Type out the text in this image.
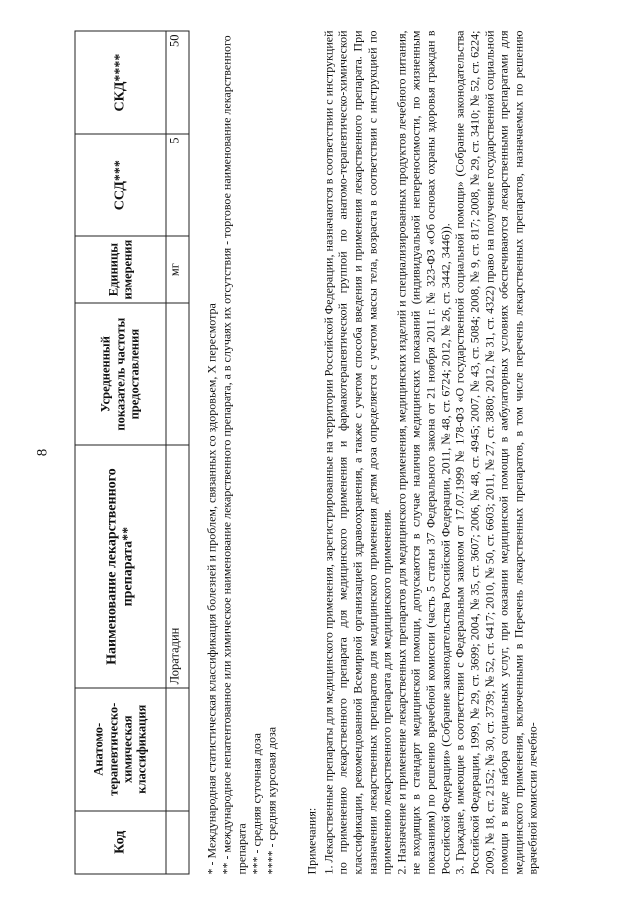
8
Код	Анатомо-терапевтическо-химическая классификация	Наименование лекарственного препарата**	Усредненный показатель частоты предоставления	Единицы измерения	ССД***	СКД****
		Лоратадин		мг	5	50
* - Международная статистическая классификация болезней и проблем, связанных со здоровьем, Х пересмотра ** - международное непатентованное или химическое наименование лекарственного препарата, а в случаях их отсутствия - торговое наименование лекарственного препарата *** - средняя суточная доза **** - средняя курсовая доза Примечания: 1. Лекарственные препараты для медицинского применения, зарегистрированные на территории Российской Федерации, назначаются в соответствии с инструкцией по применению лекарственного препарата для медицинского применения и фармакотерапевтической группой по анатомо-терапевтическо-химической классификации, рекомендованной Всемирной организацией здравоохранения, а также с учетом способа введения и применения лекарственного препарата. При назначении лекарственных препаратов для медицинского применения детям доза определяется с учетом массы тела, возраста в соответствии с инструкцией по применению лекарственного препарата для медицинского применения. 2. Назначение и применение лекарственных препаратов для медицинского применения, медицинских изделий и специализированных продуктов лечебного питания, не входящих в стандарт медицинской помощи, допускаются в случае наличия медицинских показаний (индивидуальной непереносимости, по жизненным показаниям) по решению врачебной комиссии (часть 5 статьи 37 Федерального закона от 21 ноября 2011 г. № 323-ФЗ «Об основах охраны здоровья граждан в Российской Федерации» (Собрание законодательства Российской Федерации, 2011, № 48, ст. 6724; 2012, № 26, ст. 3442, 3446)). 3. Граждане, имеющие в соответствии с Федеральным законом от 17.07.1999 № 178-ФЗ «О государственной социальной помощи» (Собрание законодательства Российской Федерации, 1999, № 29, ст. 3699; 2004, № 35, ст. 3607; 2006, № 48, ст. 4945; 2007, № 43, ст. 5084; 2008, № 9, ст. 817; 2008, № 29, ст. 3410; № 52, ст. 6224; 2009, № 18, ст. 2152; № 30, ст. 3739; № 52, ст. 6417; 2010, № 50, ст. 6603; 2011, № 27, ст. 3880; 2012, № 31, ст. 4322) право на получение государственной социальной помощи в виде набора социальных услуг, при оказании медицинской помощи в амбулаторных условиях обеспечиваются лекарственными препаратами для медицинского применения, включенными в Перечень лекарственных препаратов, в том числе перечень лекарственных препаратов, назначаемых по решению врачебной комиссии лечебно-
